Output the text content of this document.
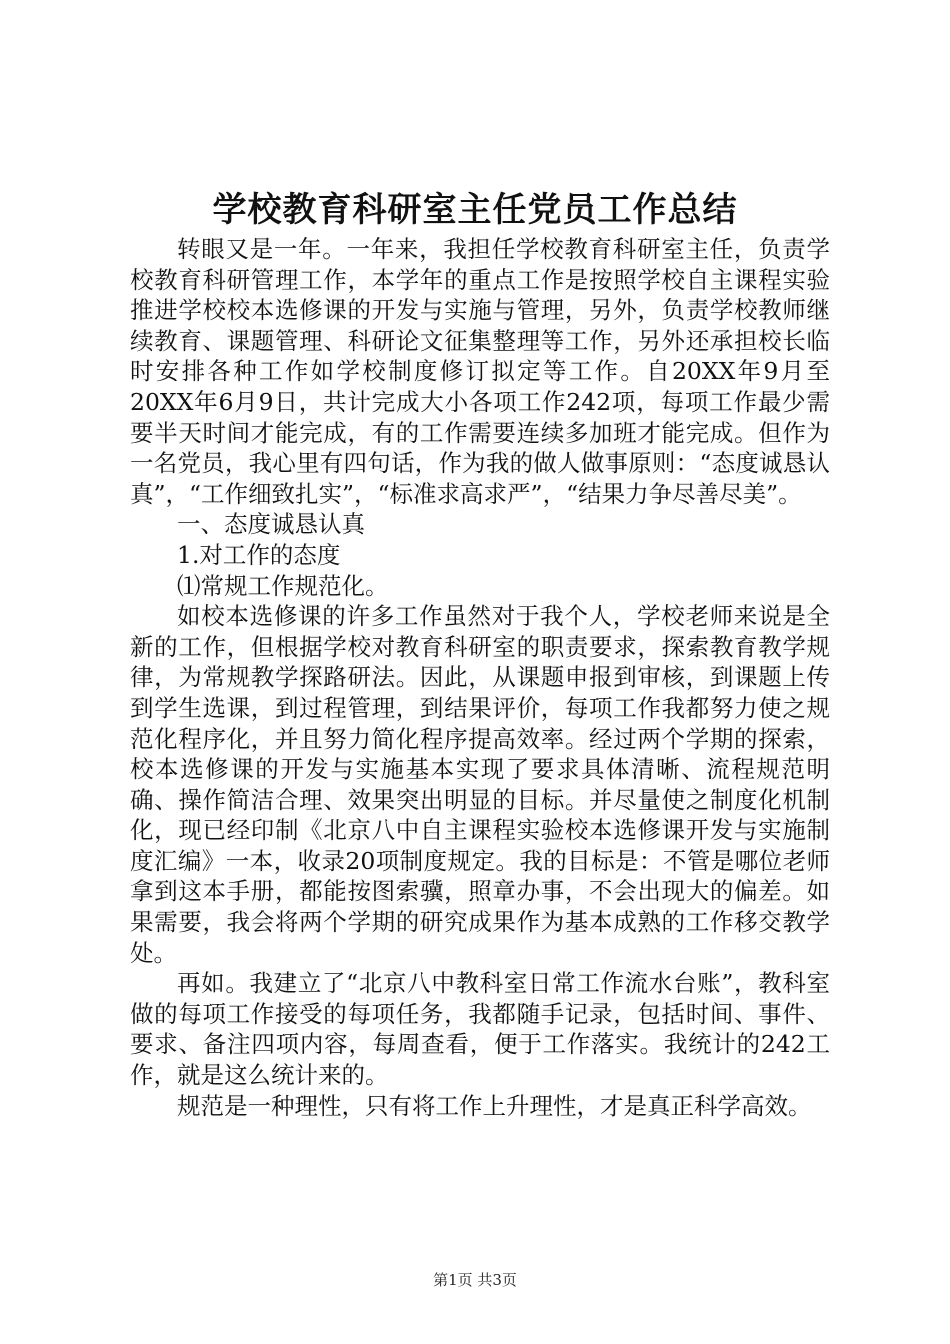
学校教育科研室主任党员工作总结

转眼又是一年。一年来，我担任学校教育科研室主任，负责学校教育科研管理工作，本学年的重点工作是按照学校自主课程实验推进学校校本选修课的开发与实施与管理，另外，负责学校教师继续教育、课题管理、科研论文征集整理等工作，另外还承担校长临时安排各种工作如学校制度修订拟定等工作。自20XX年9月至20XX年6月9日，共计完成大小各项工作242项，每项工作最少需要半天时间才能完成，有的工作需要连续多加班才能完成。但作为一名党员，我心里有四句话，作为我的做人做事原则：“态度诚恳认真”，“工作细致扎实”，“标准求高求严”，“结果力争尽善尽美”。

一、态度诚恳认真

1.对工作的态度

⑴常规工作规范化。

如校本选修课的许多工作虽然对于我个人，学校老师来说是全新的工作，但根据学校对教育科研室的职责要求，探索教育教学规律，为常规教学探路研法。因此，从课题申报到审核，到课题上传到学生选课，到过程管理，到结果评价，每项工作我都努力使之规范化程序化，并且努力简化程序提高效率。经过两个学期的探索，校本选修课的开发与实施基本实现了要求具体清晰、流程规范明确、操作简洁合理、效果突出明显的目标。并尽量使之制度化机制化，现已经印制《北京八中自主课程实验校本选修课开发与实施制度汇编》一本，收录20项制度规定。我的目标是：不管是哪位老师拿到这本手册，都能按图索骥，照章办事，不会出现大的偏差。如果需要，我会将两个学期的研究成果作为基本成熟的工作移交教学处。

再如。我建立了“北京八中教科室日常工作流水台账”，教科室做的每项工作接受的每项任务，我都随手记录，包括时间、事件、要求、备注四项内容，每周查看，便于工作落实。我统计的242工作，就是这么统计来的。

规范是一种理性，只有将工作上升理性，才是真正科学高效。

第1页 共3页
